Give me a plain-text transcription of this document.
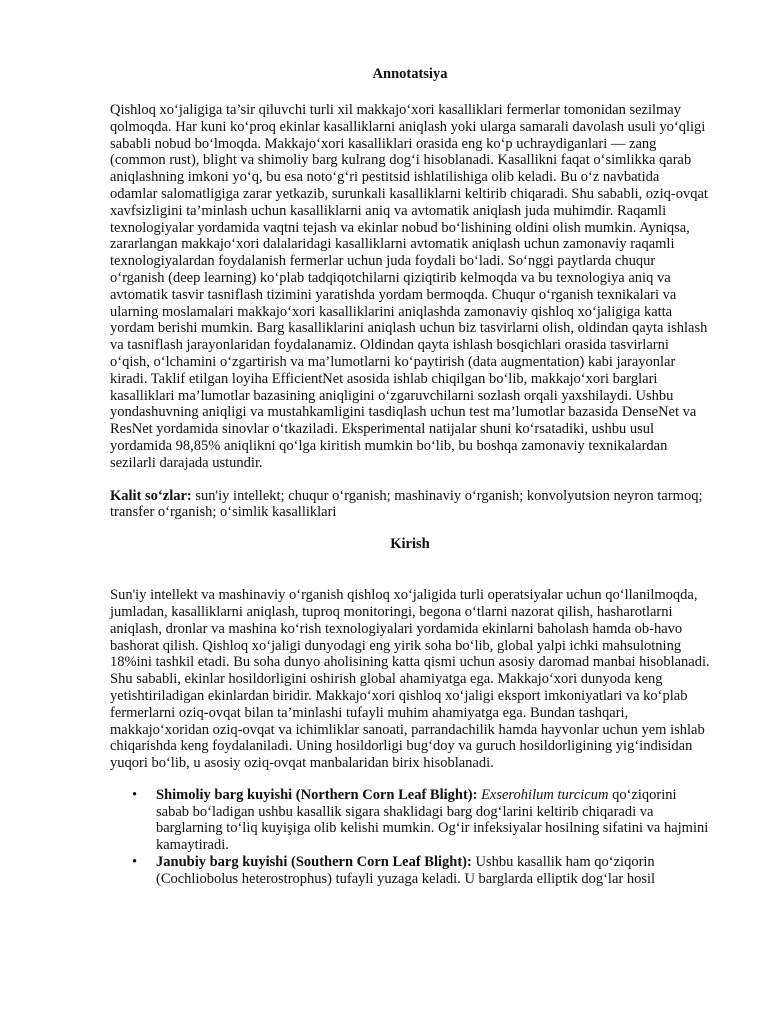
Annotatsiya

Qishloq xo‘jaligiga ta’sir qiluvchi turli xil makkajo‘xori kasalliklari fermerlar tomonidan sezilmay qolmoqda. Har kuni ko‘proq ekinlar kasalliklarni aniqlash yoki ularga samarali davolash usuli yo‘qligi sababli nobud bo‘lmoqda. Makkajo‘xori kasalliklari orasida eng ko‘p uchraydiganlari — zang (common rust), blight va shimoliy barg kulrang dog‘i hisoblanadi. Kasallikni faqat o‘simlikka qarab aniqlashning imkoni yo‘q, bu esa noto‘g‘ri pestitsid ishlatilishiga olib keladi. Bu o‘z navbatida odamlar salomatligiga zarar yetkazib, surunkali kasalliklarni keltirib chiqaradi. Shu sababli, oziq-ovqat xavfsizligini ta’minlash uchun kasalliklarni aniq va avtomatik aniqlash juda muhimdir. Raqamli texnologiyalar yordamida vaqtni tejash va ekinlar nobud bo‘lishining oldini olish mumkin. Ayniqsa, zararlangan makkajo‘xori dalalaridagi kasalliklarni avtomatik aniqlash uchun zamonaviy raqamli texnologiyalardan foydalanish fermerlar uchun juda foydali bo‘ladi. So‘nggi paytlarda chuqur o‘rganish (deep learning) ko‘plab tadqiqotchilarni qiziqtirib kelmoqda va bu texnologiya aniq va avtomatik tasvir tasniflash tizimini yaratishda yordam bermoqda. Chuqur o‘rganish texnikalari va ularning moslamalari makkajo‘xori kasalliklarini aniqlashda zamonaviy qishloq xo‘jaligiga katta yordam berishi mumkin. Barg kasalliklarini aniqlash uchun biz tasvirlarni olish, oldindan qayta ishlash va tasniflash jarayonlaridan foydalanamiz. Oldindan qayta ishlash bosqichlari orasida tasvirlarni o‘qish, o‘lchamini o‘zgartirish va ma’lumotlarni ko‘paytirish (data augmentation) kabi jarayonlar kiradi. Taklif etilgan loyiha EfficientNet asosida ishlab chiqilgan bo‘lib, makkajo‘xori barglari kasalliklari ma’lumotlar bazasining aniqligini o‘zgaruvchilarni sozlash orqali yaxshilaydi. Ushbu yondashuvning aniqligi va mustahkamligini tasdiqlash uchun test ma’lumotlar bazasida DenseNet va ResNet yordamida sinovlar o‘tkaziladi. Eksperimental natijalar shuni ko‘rsatadiki, ushbu usul yordamida 98,85% aniqlikni qo‘lga kiritish mumkin bo‘lib, bu boshqa zamonaviy texnikalardan sezilarli darajada ustundir.

Kalit so‘zlar: sun'iy intellekt; chuqur o‘rganish; mashinaviy o‘rganish; konvolyutsion neyron tarmoq; transfer o‘rganish; o‘simlik kasalliklari

Kirish

Sun'iy intellekt va mashinaviy o‘rganish qishloq xo‘jaligida turli operatsiyalar uchun qo‘llanilmoqda, jumladan, kasalliklarni aniqlash, tuproq monitoringi, begona o‘tlarni nazorat qilish, hasharotlarni aniqlash, dronlar va mashina ko‘rish texnologiyalari yordamida ekinlarni baholash hamda ob-havo bashorat qilish. Qishloq xo‘jaligi dunyodagi eng yirik soha bo‘lib, global yalpi ichki mahsulotning 18%ini tashkil etadi. Bu soha dunyo aholisining katta qismi uchun asosiy daromad manbai hisoblanadi. Shu sababli, ekinlar hosildorligini oshirish global ahamiyatga ega. Makkajo‘xori dunyoda keng yetishtiriladigan ekinlardan biridir. Makkajo‘xori qishloq xo‘jaligi eksport imkoniyatlari va ko‘plab fermerlarni oziq-ovqat bilan ta’minlashi tufayli muhim ahamiyatga ega. Bundan tashqari, makkajo‘xoridan oziq-ovqat va ichimliklar sanoati, parrandachilik hamda hayvonlar uchun yem ishlab chiqarishda keng foydalaniladi. Uning hosildorligi bug‘doy va guruch hosildorligining yig‘indisidan yuqori bo‘lib, u asosiy oziq-ovqat manbalaridan birix hisoblanadi.

• Shimoliy barg kuyishi (Northern Corn Leaf Blight): Exserohilum turcicum qo‘ziqorini sabab bo‘ladigan ushbu kasallik sigara shaklidagi barg dog‘larini keltirib chiqaradi va barglarning to‘liq kuyişiga olib kelishi mumkin. Og‘ir infeksiyalar hosilning sifatini va hajmini kamaytiradi.
• Janubiy barg kuyishi (Southern Corn Leaf Blight): Ushbu kasallik ham qo‘ziqorin (Cochliobolus heterostrophus) tufayli yuzaga keladi. U barglarda elliptik dog‘lar hosil
